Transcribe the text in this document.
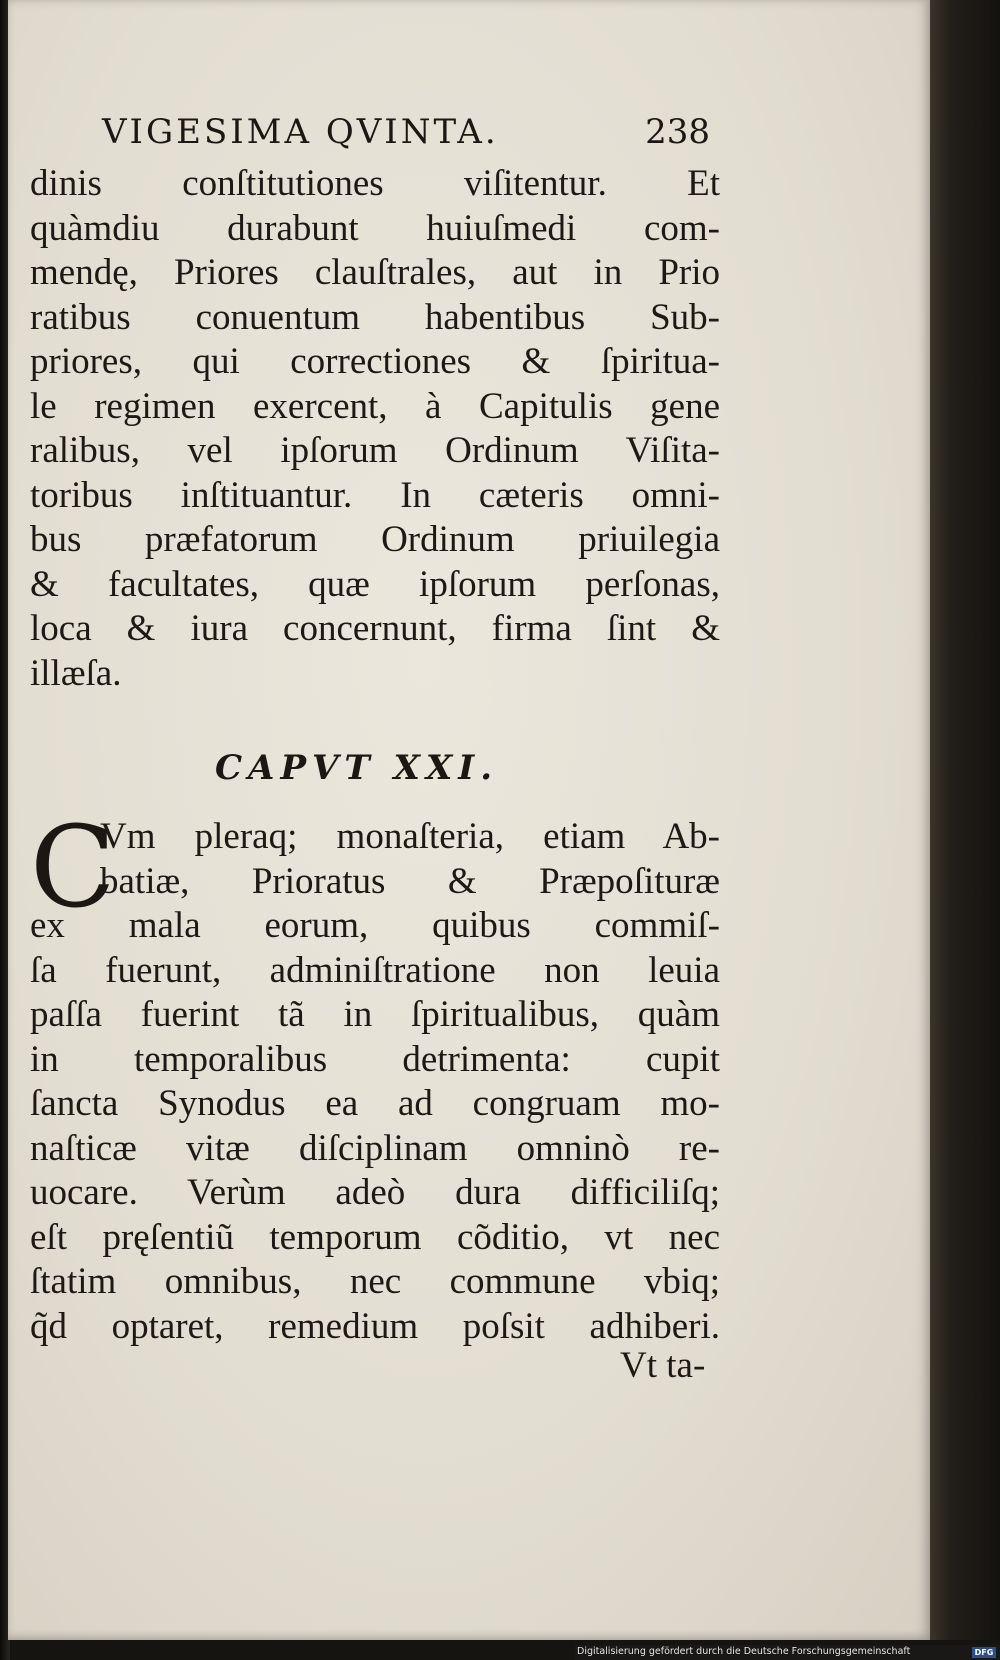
VIGESIMA QVINTA.	238
dinis conſtitutiones viſitentur. Et
quàmdiu durabunt huiuſmedi com-
mendę, Priores clauſtrales, aut in Prio
ratibus conuentum habentibus Sub-
priores, qui correctiones & ſpiritua-
le regimen exercent, à Capitulis gene
ralibus, vel ipſorum Ordinum Viſita-
toribus inſtituantur. In cæteris omni-
bus præfatorum Ordinum priuilegia
& facultates, quæ ipſorum perſonas,
loca & iura concernunt, firma ſint &
illæſa.
CAPVT XXI.
C
Vm pleraq; monaſteria, etiam Ab-
batiæ, Prioratus & Præpoſituræ
ex mala eorum, quibus commiſ-
ſa fuerunt, adminiſtratione non leuia
paſſa fuerint tã in ſpiritualibus, quàm
in temporalibus detrimenta: cupit
ſancta Synodus ea ad congruam mo-
naſticæ vitæ diſciplinam omninò re-
uocare. Verùm adeò dura difficiliſq;
eſt pręſentiũ temporum cõditio, vt nec
ſtatim omnibus, nec commune vbiq;
q̃d optaret, remedium poſsit adhiberi.
Vt ta-
Digitalisierung gefördert durch die Deutsche Forschungsgemeinschaft	DFG
